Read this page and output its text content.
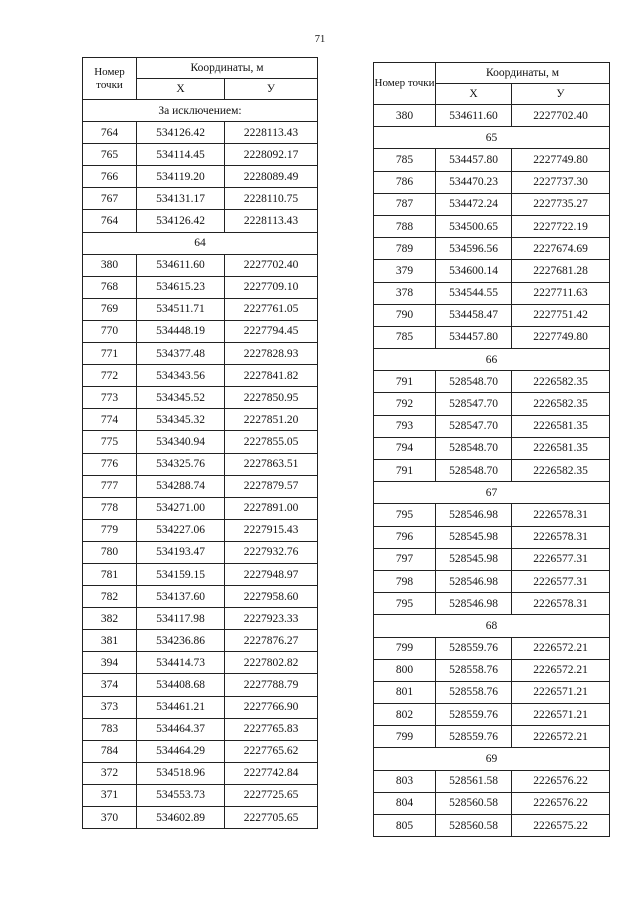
71
Номер точки	Координаты, м	
	X	У
За исключением:		
764	534126.42	2228113.43
765	534114.45	2228092.17
766	534119.20	2228089.49
767	534131.17	2228110.75
764	534126.42	2228113.43
64		
380	534611.60	2227702.40
768	534615.23	2227709.10
769	534511.71	2227761.05
770	534448.19	2227794.45
771	534377.48	2227828.93
772	534343.56	2227841.82
773	534345.52	2227850.95
774	534345.32	2227851.20
775	534340.94	2227855.05
776	534325.76	2227863.51
777	534288.74	2227879.57
778	534271.00	2227891.00
779	534227.06	2227915.43
780	534193.47	2227932.76
781	534159.15	2227948.97
782	534137.60	2227958.60
382	534117.98	2227923.33
381	534236.86	2227876.27
394	534414.73	2227802.82
374	534408.68	2227788.79
373	534461.21	2227766.90
783	534464.37	2227765.83
784	534464.29	2227765.62
372	534518.96	2227742.84
371	534553.73	2227725.65
370	534602.89	2227705.65
Номер точки	Координаты, м	
	X	У
380	534611.60	2227702.40
65		
785	534457.80	2227749.80
786	534470.23	2227737.30
787	534472.24	2227735.27
788	534500.65	2227722.19
789	534596.56	2227674.69
379	534600.14	2227681.28
378	534544.55	2227711.63
790	534458.47	2227751.42
785	534457.80	2227749.80
66		
791	528548.70	2226582.35
792	528547.70	2226582.35
793	528547.70	2226581.35
794	528548.70	2226581.35
791	528548.70	2226582.35
67		
795	528546.98	2226578.31
796	528545.98	2226578.31
797	528545.98	2226577.31
798	528546.98	2226577.31
795	528546.98	2226578.31
68		
799	528559.76	2226572.21
800	528558.76	2226572.21
801	528558.76	2226571.21
802	528559.76	2226571.21
799	528559.76	2226572.21
69		
803	528561.58	2226576.22
804	528560.58	2226576.22
805	528560.58	2226575.22
